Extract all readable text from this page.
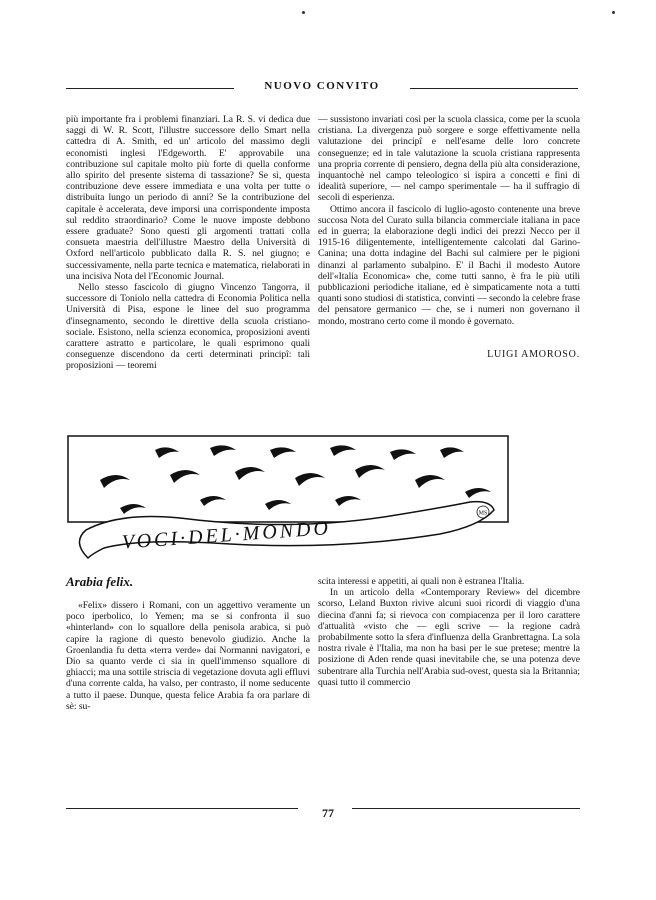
NUOVO CONVITO

più importante fra i problemi finanziari. La R. S. vi dedica due saggi di W. R. Scott, l'illustre successore dello Smart nella cattedra di A. Smith, ed un' articolo del massimo degli economisti inglesi l'Edgeworth. E' approvabile una contribuzione sul capitale molto più forte di quella conforme allo spirito del presente sistema di tassazione? Se sì, questa contribuzione deve essere immediata e una volta per tutte o distribuita lungo un periodo di anni? Se la contribuzione del capitale è accelerata, deve imporsi una corrispondente imposta sul reddito straordinario? Come le nuove imposte debbono essere graduate? Sono questi gli argomenti trattati colla consueta maestria dell'illustre Maestro della Università di Oxford nell'articolo pubblicato dalla R. S. nel giugno; e successivamente, nella parte tecnica e matematica, rielaborati in una incisiva Nota del l'Economic Journal.

Nello stesso fascicolo di giugno Vincenzo Tangorra, il successore di Toniolo nella cattedra di Economia Politica nella Università di Pisa, espone le linee del suo programma d'insegnamento, secondo le direttive della scuola cristiano-sociale. Esistono, nella scienza economica, proposizioni aventi carattere astratto e particolare, le quali esprimono quali conseguenze discendono da certi determinati principî: tali proposizioni — teoremi

— sussistono invariati così per la scuola classica, come per la scuola cristiana. La divergenza può sorgere e sorge effettivamente nella valutazione dei principî e nell'esame delle loro concrete conseguenze; ed in tale valutazione la scuola cristiana rappresenta una propria corrente di pensiero, degna della più alta considerazione, inquantochè nel campo teleologico si ispira a concetti e fini di idealità superiore, — nel campo sperimentale — ha il suffragio di secoli di esperienza.

Ottimo ancora il fascicolo di luglio-agosto contenente una breve succosa Nota del Curato sulla bilancia commerciale italiana in pace ed in guerra; la elaborazione degli indici dei prezzi Necco per il 1915-16 diligentemente, intelligentemente calcolati dal Garino-Canina; una dotta indagine del Bachi sul calmiere per le pigioni dinanzi al parlamento subalpino. E' il Bachi il modesto Autore dell'«Italia Economica» che, come tutti sanno, è fra le più utili pubblicazioni periodiche italiane, ed è simpaticamente nota a tutti quanti sono studiosi di statistica, convinti — secondo la celebre frase del pensatore germanico — che, se i numeri non governano il mondo, mostrano certo come il mondo è governato.

LUIGI AMOROSO.

VOCI·DEL·MONDO
MS
Arabia felix.

«Felix» dissero i Romani, con un aggettivo veramente un poco iperbolico, lo Yemen; ma se si confronta il suo «hinterland» con lo squallore della penisola arabica, si può capire la ragione di questo benevolo giudizio. Anche la Groenlandia fu detta «terra verde» dai Normanni navigatori, e Dio sa quanto verde ci sia in quell'immenso squallore di ghiacci; ma una sottile striscia di vegetazione dovuta agli effluvi d'una corrente calda, ha valso, per contrasto, il nome seducente a tutto il paese. Dunque, questa felice Arabia fa ora parlare di sè: su-

scita interessi e appetiti, ai quali non è estranea l'Italia.

In un articolo della «Contemporary Review» del dicembre scorso, Leland Buxton rivive alcuni suoi ricordi di viaggio d'una diecina d'anni fa; si rievoca con compiacenza per il loro carattere d'attualità «visto che — egli scrive — la regione cadrà probabilmente sotto la sfera d'influenza della Granbrettagna. La sola nostra rivale è l'Italia, ma non ha basi per le sue pretese; mentre la posizione di Aden rende quasi inevitabile che, se una potenza deve subentrare alla Turchia nell'Arabia sud-ovest, questa sia la Britannia; quasi tutto il commercio

77
